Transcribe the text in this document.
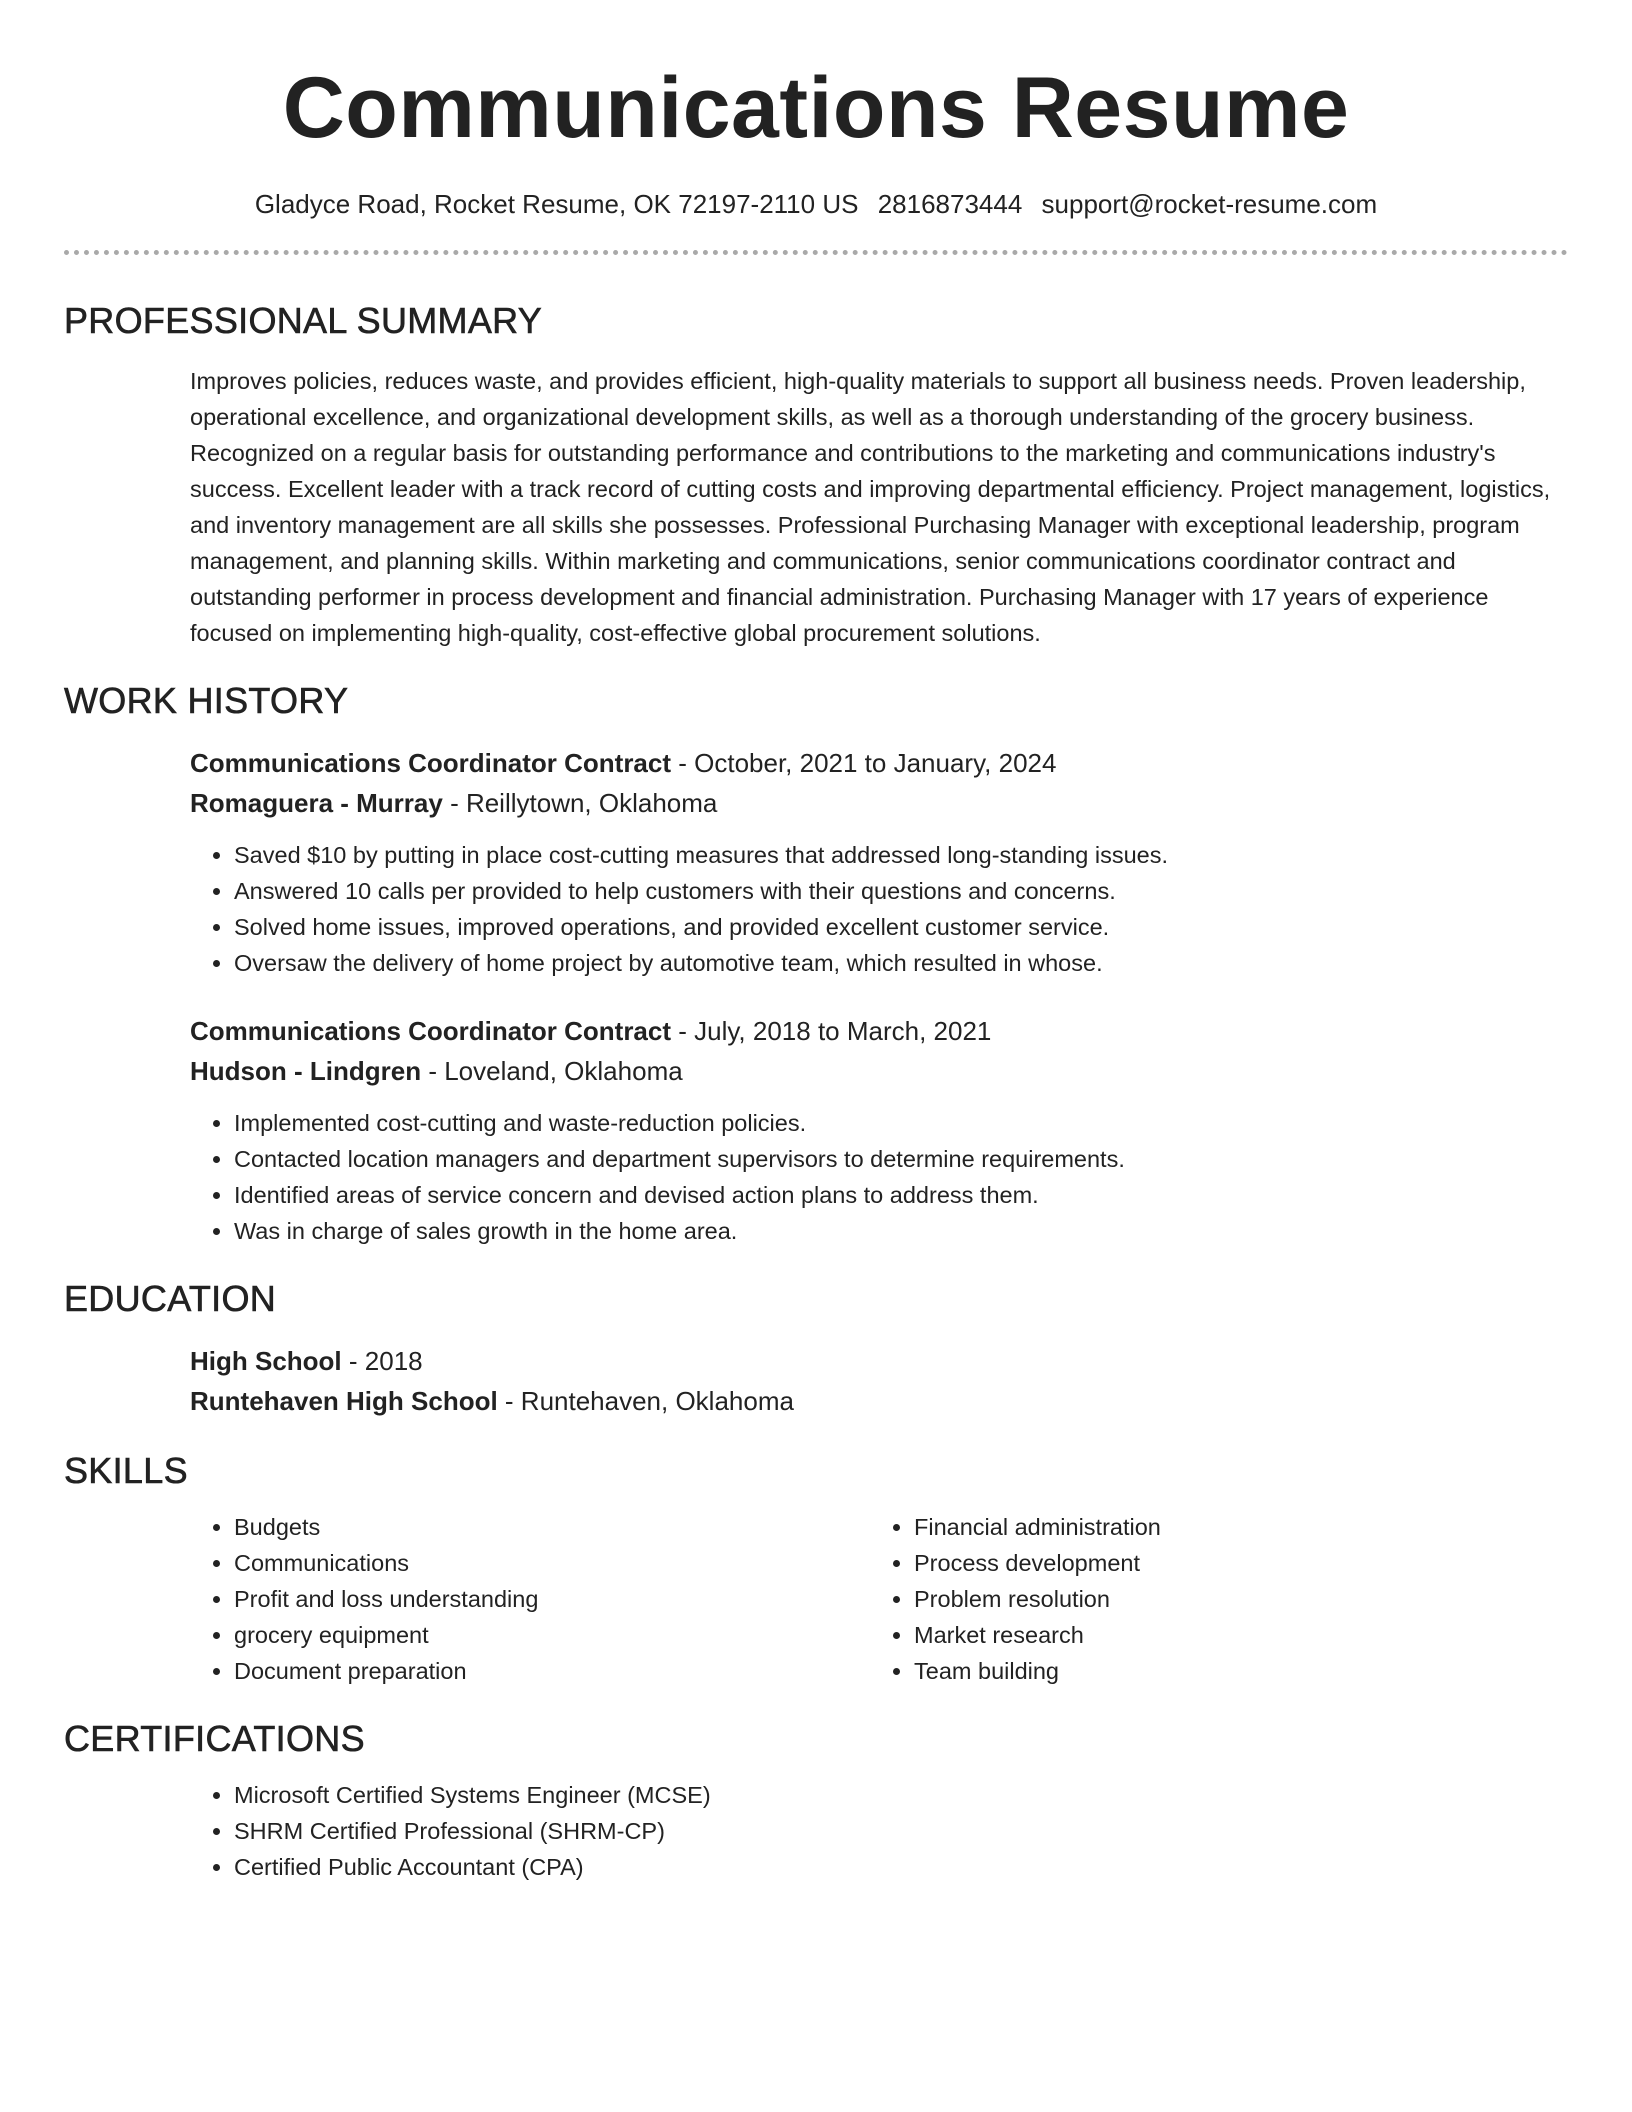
Communications Resume
Gladyce Road, Rocket Resume, OK 72197-2110 US 2816873444 support@rocket-resume.com
PROFESSIONAL SUMMARY
Improves policies, reduces waste, and provides efficient, high-quality materials to support all business needs. Proven leadership, operational excellence, and organizational development skills, as well as a thorough understanding of the grocery business. Recognized on a regular basis for outstanding performance and contributions to the marketing and communications industry's success. Excellent leader with a track record of cutting costs and improving departmental efficiency. Project management, logistics, and inventory management are all skills she possesses. Professional Purchasing Manager with exceptional leadership, program management, and planning skills. Within marketing and communications, senior communications coordinator contract and outstanding performer in process development and financial administration. Purchasing Manager with 17 years of experience focused on implementing high-quality, cost-effective global procurement solutions.
WORK HISTORY
Communications Coordinator Contract - October, 2021 to January, 2024
Romaguera - Murray - Reillytown, Oklahoma
• Saved $10 by putting in place cost-cutting measures that addressed long-standing issues.
• Answered 10 calls per provided to help customers with their questions and concerns.
• Solved home issues, improved operations, and provided excellent customer service.
• Oversaw the delivery of home project by automotive team, which resulted in whose.
Communications Coordinator Contract - July, 2018 to March, 2021
Hudson - Lindgren - Loveland, Oklahoma
• Implemented cost-cutting and waste-reduction policies.
• Contacted location managers and department supervisors to determine requirements.
• Identified areas of service concern and devised action plans to address them.
• Was in charge of sales growth in the home area.
EDUCATION
High School - 2018
Runtehaven High School - Runtehaven, Oklahoma
SKILLS
• Budgets
• Communications
• Profit and loss understanding
• grocery equipment
• Document preparation
• Financial administration
• Process development
• Problem resolution
• Market research
• Team building
CERTIFICATIONS
• Microsoft Certified Systems Engineer (MCSE)
• SHRM Certified Professional (SHRM-CP)
• Certified Public Accountant (CPA)
